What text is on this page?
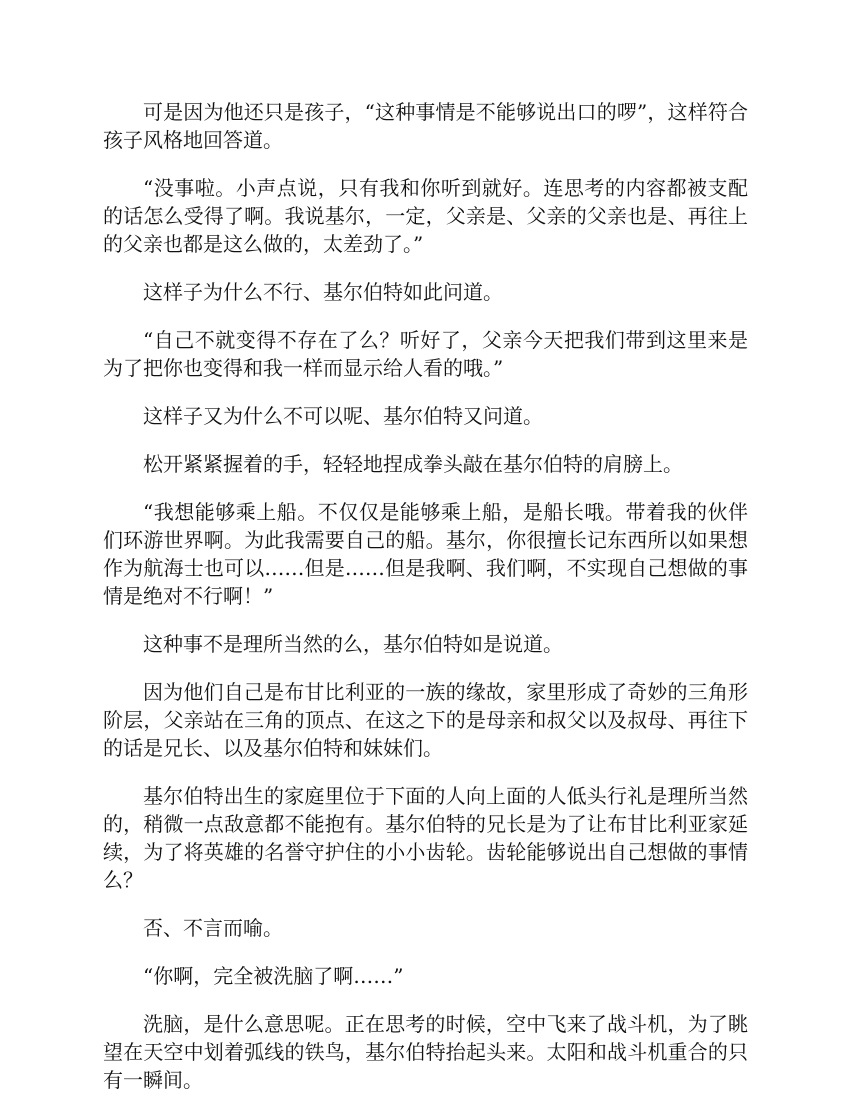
可是因为他还只是孩子，“这种事情是不能够说出口的啰”，这样符合孩子风格地回答道。

“没事啦。小声点说，只有我和你听到就好。连思考的内容都被支配的话怎么受得了啊。我说基尔，一定，父亲是、父亲的父亲也是、再往上的父亲也都是这么做的，太差劲了。”

这样子为什么不行、基尔伯特如此问道。

“自己不就变得不存在了么？听好了，父亲今天把我们带到这里来是为了把你也变得和我一样而显示给人看的哦。”

这样子又为什么不可以呢、基尔伯特又问道。

松开紧紧握着的手，轻轻地捏成拳头敲在基尔伯特的肩膀上。

“我想能够乘上船。不仅仅是能够乘上船，是船长哦。带着我的伙伴们环游世界啊。为此我需要自己的船。基尔，你很擅长记东西所以如果想作为航海士也可以……但是……但是我啊、我们啊，不实现自己想做的事情是绝对不行啊！”

这种事不是理所当然的么，基尔伯特如是说道。

因为他们自己是布甘比利亚的一族的缘故，家里形成了奇妙的三角形阶层，父亲站在三角的顶点、在这之下的是母亲和叔父以及叔母、再往下的话是兄长、以及基尔伯特和妹妹们。

基尔伯特出生的家庭里位于下面的人向上面的人低头行礼是理所当然的，稍微一点敌意都不能抱有。基尔伯特的兄长是为了让布甘比利亚家延续，为了将英雄的名誉守护住的小小齿轮。齿轮能够说出自己想做的事情么？

否、不言而喻。

“你啊，完全被洗脑了啊……”

洗脑，是什么意思呢。正在思考的时候，空中飞来了战斗机，为了眺望在天空中划着弧线的铁鸟，基尔伯特抬起头来。太阳和战斗机重合的只有一瞬间。
